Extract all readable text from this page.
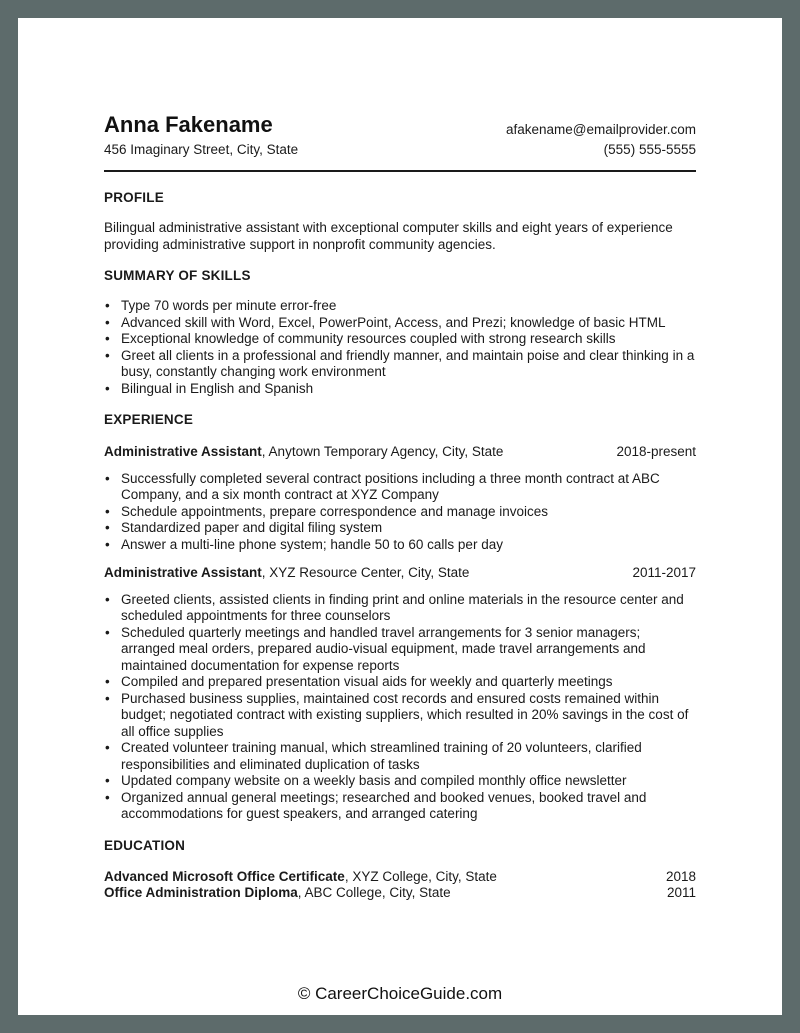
Anna Fakename
456 Imaginary Street, City, State
afakename@emailprovider.com
(555) 555-5555
PROFILE

Bilingual administrative assistant with exceptional computer skills and eight years of experience providing administrative support in nonprofit community agencies.

SUMMARY OF SKILLS
• Type 70 words per minute error-free
• Advanced skill with Word, Excel, PowerPoint, Access, and Prezi; knowledge of basic HTML
• Exceptional knowledge of community resources coupled with strong research skills
• Greet all clients in a professional and friendly manner, and maintain poise and clear thinking in a busy, constantly changing work environment
• Bilingual in English and Spanish
EXPERIENCE
Administrative Assistant, Anytown Temporary Agency, City, State	2018-present
• Successfully completed several contract positions including a three month contract at ABC Company, and a six month contract at XYZ Company
• Schedule appointments, prepare correspondence and manage invoices
• Standardized paper and digital filing system
• Answer a multi-line phone system; handle 50 to 60 calls per day
Administrative Assistant, XYZ Resource Center, City, State	2011-2017
• Greeted clients, assisted clients in finding print and online materials in the resource center and scheduled appointments for three counselors
• Scheduled quarterly meetings and handled travel arrangements for 3 senior managers; arranged meal orders, prepared audio-visual equipment, made travel arrangements and maintained documentation for expense reports
• Compiled and prepared presentation visual aids for weekly and quarterly meetings
• Purchased business supplies, maintained cost records and ensured costs remained within budget; negotiated contract with existing suppliers, which resulted in 20% savings in the cost of all office supplies
• Created volunteer training manual, which streamlined training of 20 volunteers, clarified responsibilities and eliminated duplication of tasks
• Updated company website on a weekly basis and compiled monthly office newsletter
• Organized annual general meetings; researched and booked venues, booked travel and accommodations for guest speakers, and arranged catering
EDUCATION
Advanced Microsoft Office Certificate, XYZ College, City, State	2018
Office Administration Diploma, ABC College, City, State	2011
© CareerChoiceGuide.com
